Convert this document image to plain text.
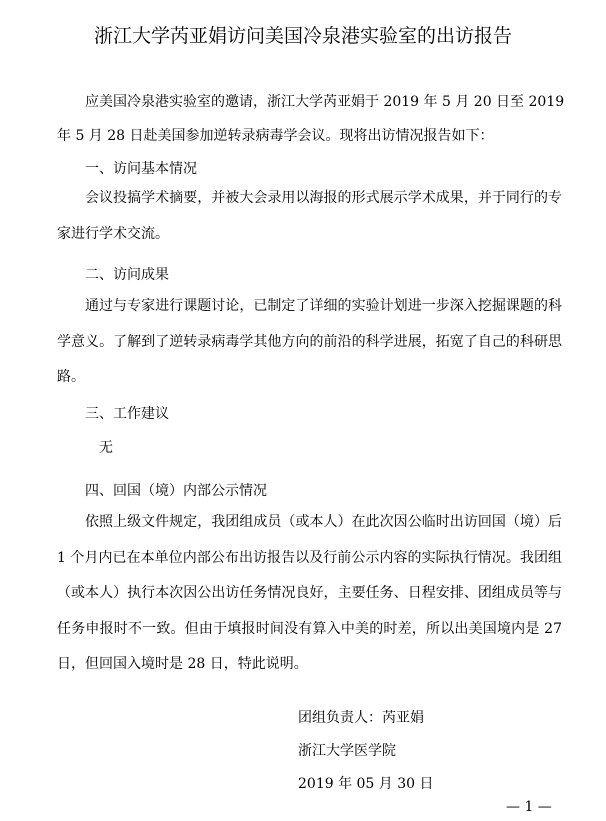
浙江大学芮亚娟访问美国冷泉港实验室的出访报告
应美国冷泉港实验室的邀请，浙江大学芮亚娟于 2019 年 5 月 20 日至 2019
年 5 月 28 日赴美国参加逆转录病毒学会议。现将出访情况报告如下：
一、访问基本情况
会议投搞学术摘要，并被大会录用以海报的形式展示学术成果，并于同行的专家进行学术交流。
二、访问成果
通过与专家进行课题讨论，已制定了详细的实验计划进一步深入挖掘课题的科学意义。了解到了逆转录病毒学其他方向的前沿的科学进展，拓宽了自己的科研思路。
三、工作建议
无
四、回国（境）内部公示情况
依照上级文件规定，我团组成员（或本人）在此次因公临时出访回国（境）后 1 个月内已在本单位内部公布出访报告以及行前公示内容的实际执行情况。我团组（或本人）执行本次因公出访任务情况良好，主要任务、日程安排、团组成员等与任务申报时不一致。但由于填报时间没有算入中美的时差，所以出美国境内是 27 日，但回国入境时是 28 日，特此说明。
团组负责人：芮亚娟
浙江大学医学院
2019 年 05 月 30 日
— 1 —
